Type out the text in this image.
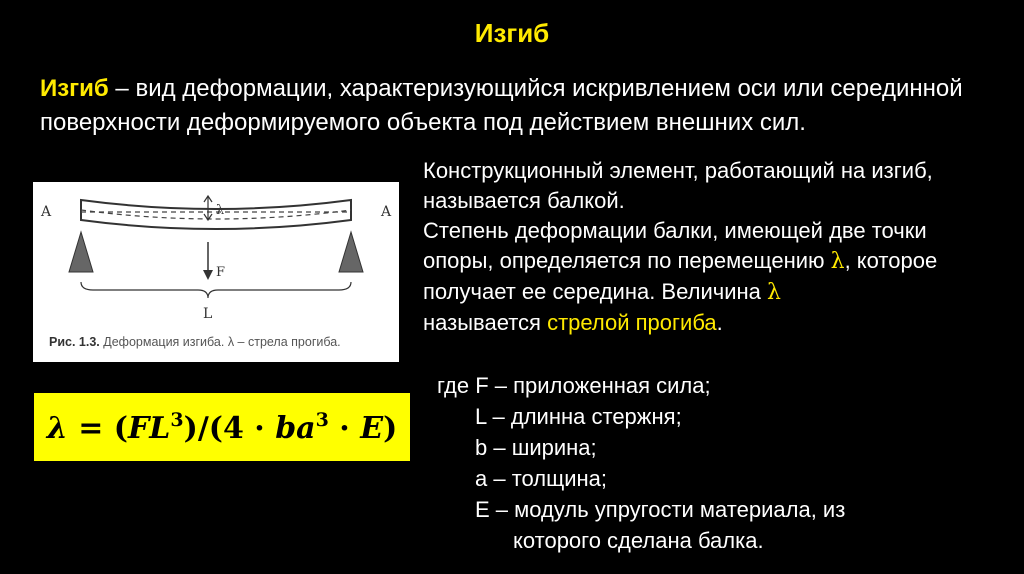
Изгиб
Изгиб – вид деформации, характеризующийся искривлением оси или серединной поверхности деформируемого объекта под действием внешних сил.
A	A
λ
F
L
Рис. 1.3. Деформация изгиба. λ – стрела прогиба.
Конструкционный элемент, работающий на изгиб, называется балкой.
Степень деформации балки, имеющей две точки опоры, определяется по перемещению λ, которое получает ее середина. Величина λ
называется стрелой прогиба.
$\lambda = (FL^3)/(4 \cdot ba^3 \cdot E)$
где F – приложенная сила;
L – длинна стержня;
b – ширина;
a – толщина;
E – модуль упругости материала, из
которого сделана балка.
